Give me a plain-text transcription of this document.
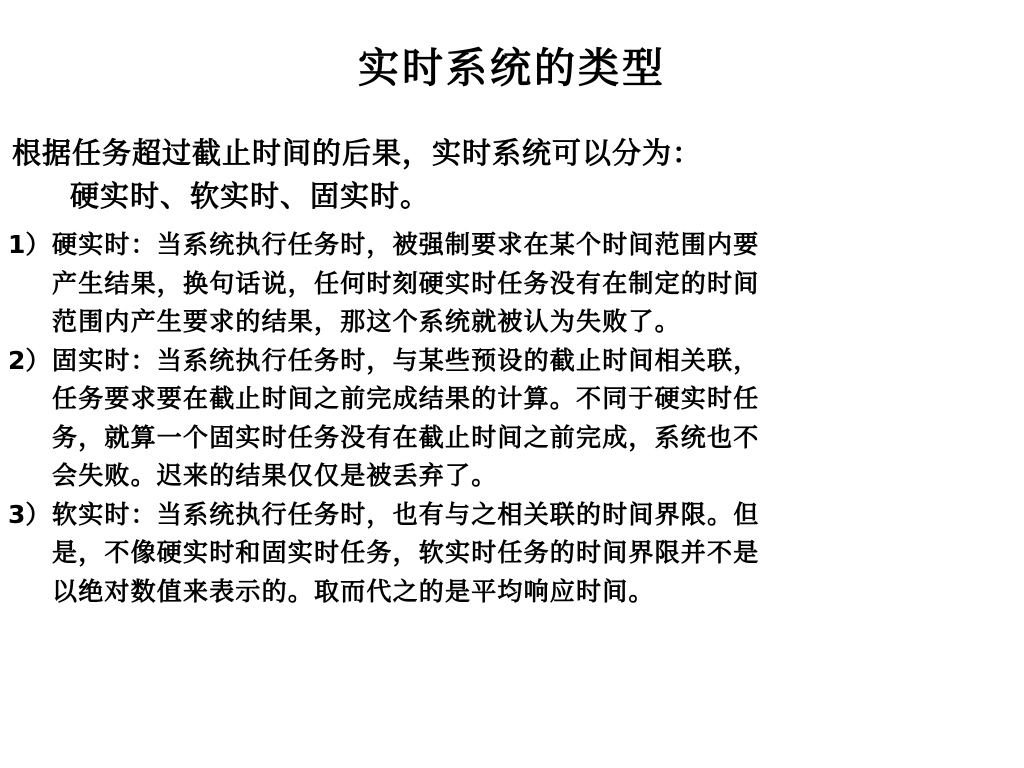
实时系统的类型
根据任务超过截止时间的后果，实时系统可以分为：
硬实时、软实时、固实时。
1） 硬实时：当系统执行任务时，被强制要求在某个时间范围内要
产生结果，换句话说，任何时刻硬实时任务没有在制定的时间
范围内产生要求的结果，那这个系统就被认为失败了。
2） 固实时：当系统执行任务时，与某些预设的截止时间相关联，
任务要求要在截止时间之前完成结果的计算。不同于硬实时任
务，就算一个固实时任务没有在截止时间之前完成，系统也不
会失败。迟来的结果仅仅是被丢弃了。
3） 软实时：当系统执行任务时，也有与之相关联的时间界限。但
是，不像硬实时和固实时任务，软实时任务的时间界限并不是
以绝对数值来表示的。取而代之的是平均响应时间。
